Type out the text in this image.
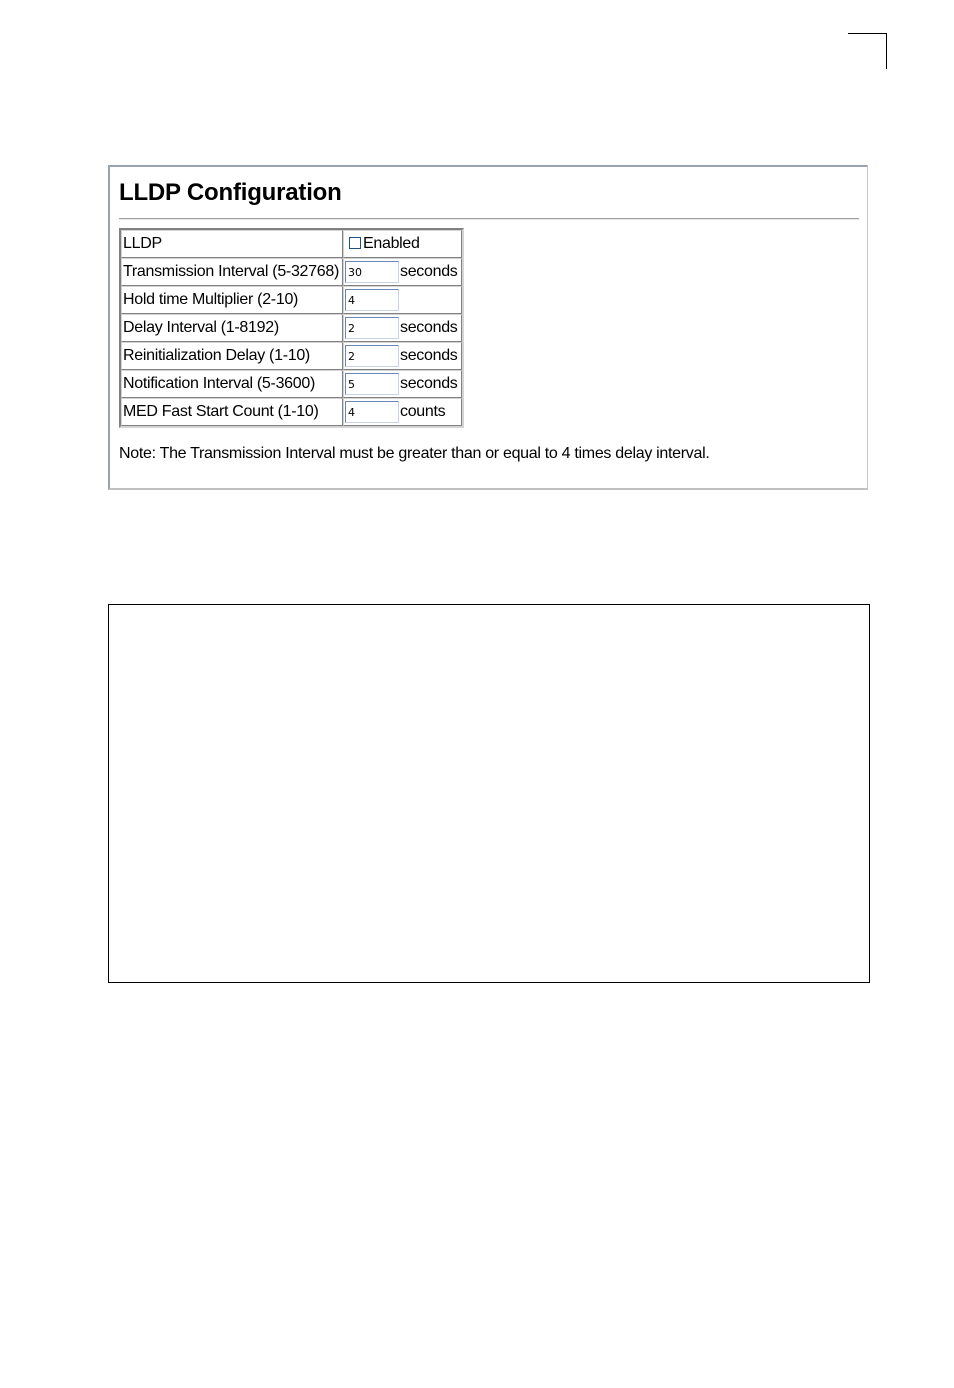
LLDP Configuration
LLDP	Enabled
Transmission Interval (5-32768)	30seconds
Hold time Multiplier (2-10)	4
Delay Interval (1-8192)	2seconds
Reinitialization Delay (1-10)	2seconds
Notification Interval (5-3600)	5seconds
MED Fast Start Count (1-10)	4counts

Note: The Transmission Interval must be greater than or equal to 4 times delay interval.
